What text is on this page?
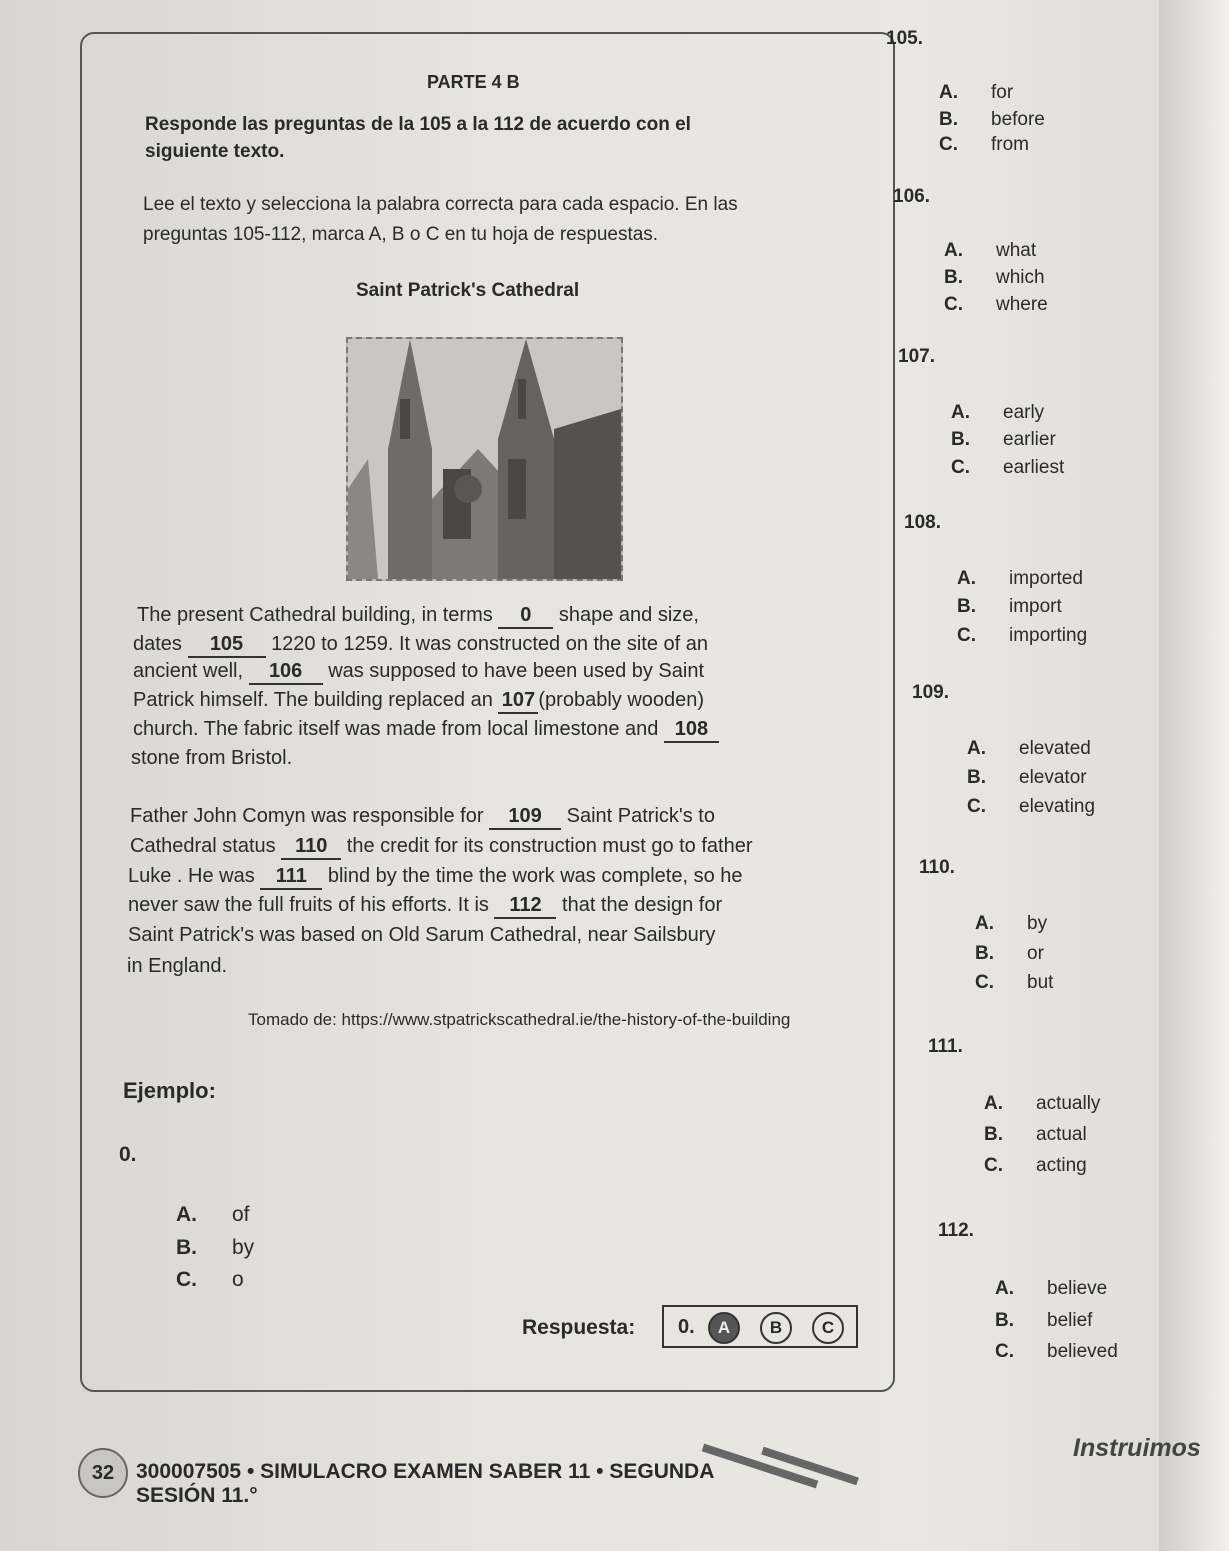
PARTE 4 B
Responde las preguntas de la 105 a la 112 de acuerdo con el
siguiente texto.
Lee el texto y selecciona la palabra correcta para cada espacio. En las
preguntas 105-112, marca A, B o C en tu hoja de respuestas.
Saint Patrick's Cathedral
The present Cathedral building, in terms 0 shape and size,
dates 105 1220 to 1259. It was constructed on the site of an
ancient well, 106 was supposed to have been used by Saint
Patrick himself. The building replaced an 107 (probably wooden)
church. The fabric itself was made from local limestone and 108
stone from Bristol.
Father John Comyn was responsible for 109 Saint Patrick's to
Cathedral status 110 the credit for its construction must go to father
Luke . He was 111 blind by the time the work was complete, so he
never saw the full fruits of his efforts. It is 112 that the design for
Saint Patrick's was based on Old Sarum Cathedral, near Sailsbury
in England.
Tomado de: https://www.stpatrickscathedral.ie/the-history-of-the-building
Ejemplo:
0.
A. of
B. by
C. o
Respuesta: 0.	A	B	C
105.
A. for
B. before
C. from
106.
A. what
B. which
C. where
107.
A. early
B. earlier
C. earliest
108.
A. imported
B. import
C. importing
109.
A. elevated
B. elevator
C. elevating
110.
A. by
B. or
C. but
111.
A. actually
B. actual
C. acting
112.
A. believe
B. belief
C. believed
32	300007505 • SIMULACRO EXAMEN SABER 11 • SEGUNDA SESIÓN 11.°
Instruimos
